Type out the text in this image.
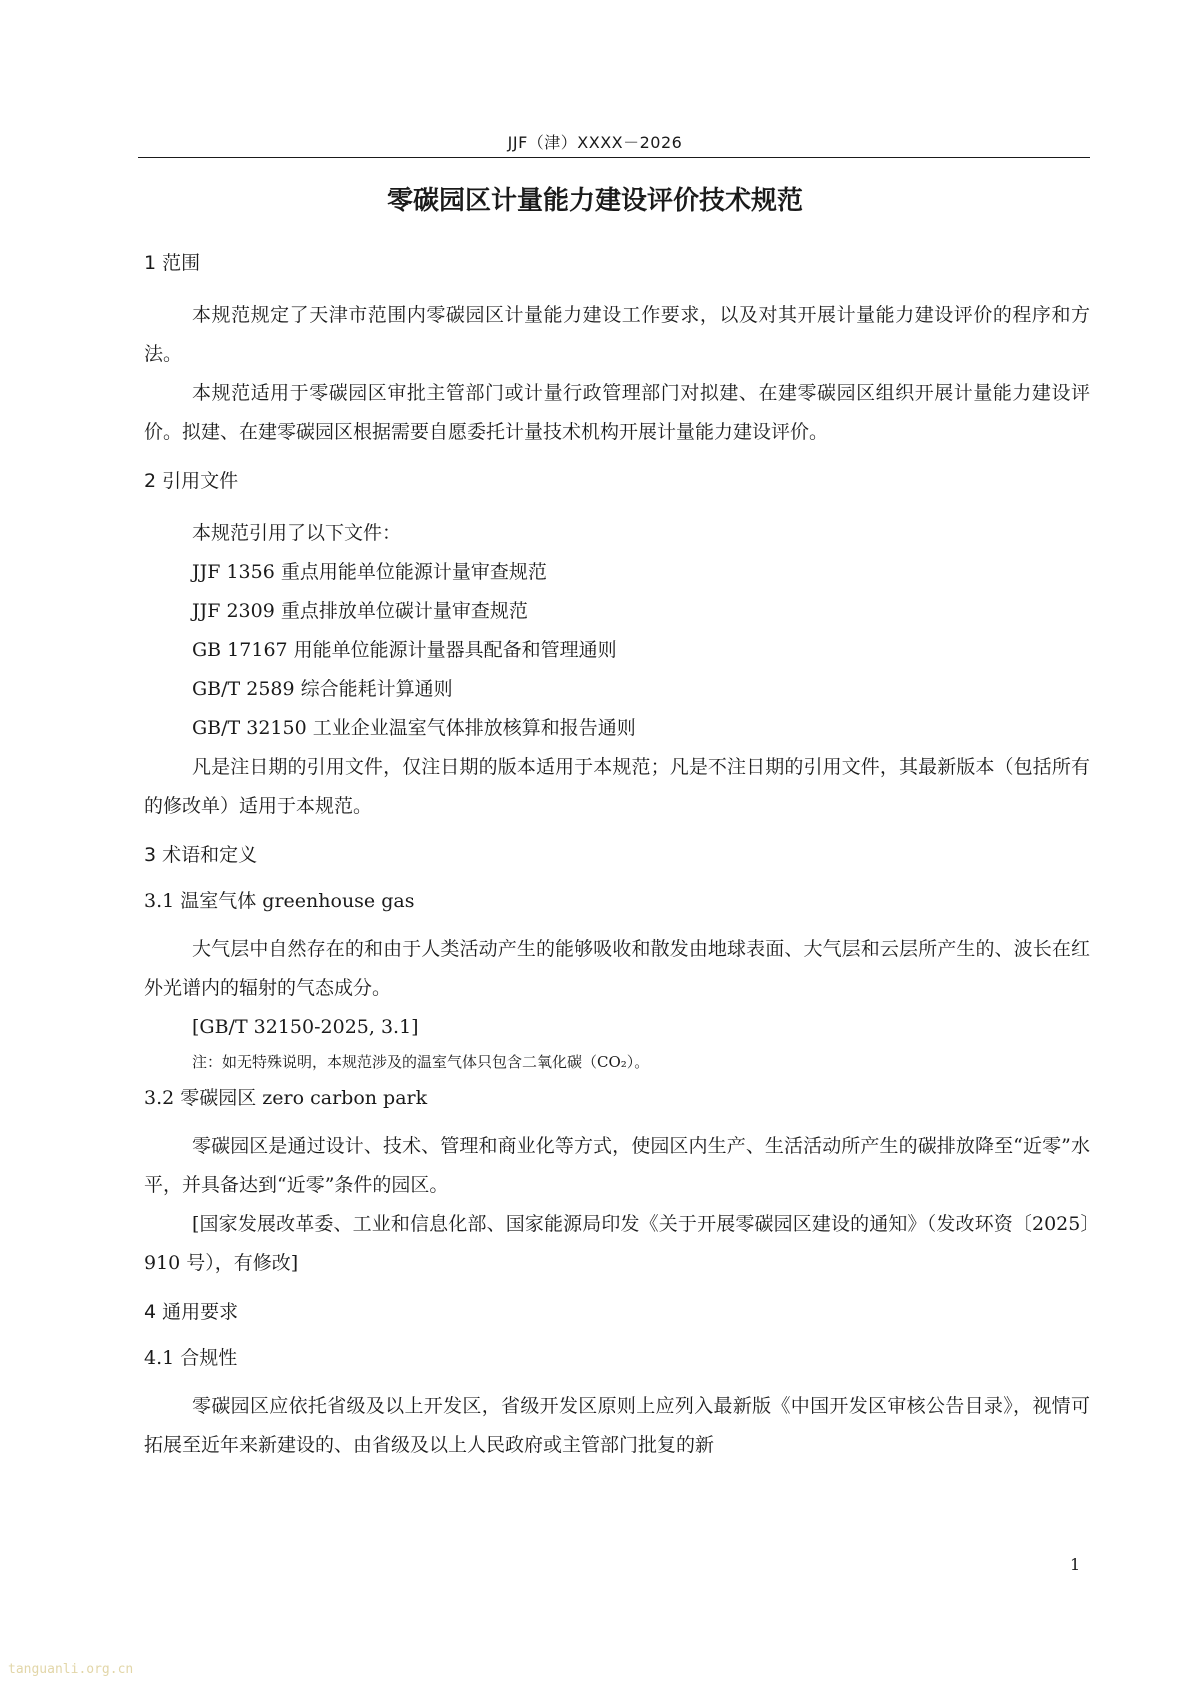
JJF（津）XXXX－2026
零碳园区计量能力建设评价技术规范
1 范围

本规范规定了天津市范围内零碳园区计量能力建设工作要求，以及对其开展计量能力建设评价的程序和方法。

本规范适用于零碳园区审批主管部门或计量行政管理部门对拟建、在建零碳园区组织开展计量能力建设评价。拟建、在建零碳园区根据需要自愿委托计量技术机构开展计量能力建设评价。

2 引用文件

本规范引用了以下文件：

JJF 1356 重点用能单位能源计量审查规范

JJF 2309 重点排放单位碳计量审查规范

GB 17167 用能单位能源计量器具配备和管理通则

GB/T 2589 综合能耗计算通则

GB/T 32150 工业企业温室气体排放核算和报告通则

凡是注日期的引用文件，仅注日期的版本适用于本规范；凡是不注日期的引用文件，其最新版本（包括所有的修改单）适用于本规范。

3 术语和定义
3.1 温室气体 greenhouse gas

大气层中自然存在的和由于人类活动产生的能够吸收和散发由地球表面、大气层和云层所产生的、波长在红外光谱内的辐射的气态成分。

[GB/T 32150-2025, 3.1]

注：如无特殊说明，本规范涉及的温室气体只包含二氧化碳（CO₂）。
3.2 零碳园区 zero carbon park

零碳园区是通过设计、技术、管理和商业化等方式，使园区内生产、生活活动所产生的碳排放降至“近零”水平，并具备达到“近零”条件的园区。

[国家发展改革委、工业和信息化部、国家能源局印发《关于开展零碳园区建设的通知》（发改环资〔2025〕910 号），有修改]

4 通用要求
4.1 合规性

零碳园区应依托省级及以上开发区，省级开发区原则上应列入最新版《中国开发区审核公告目录》，视情可拓展至近年来新建设的、由省级及以上人民政府或主管部门批复的新

1
tanguanli.org.cn
